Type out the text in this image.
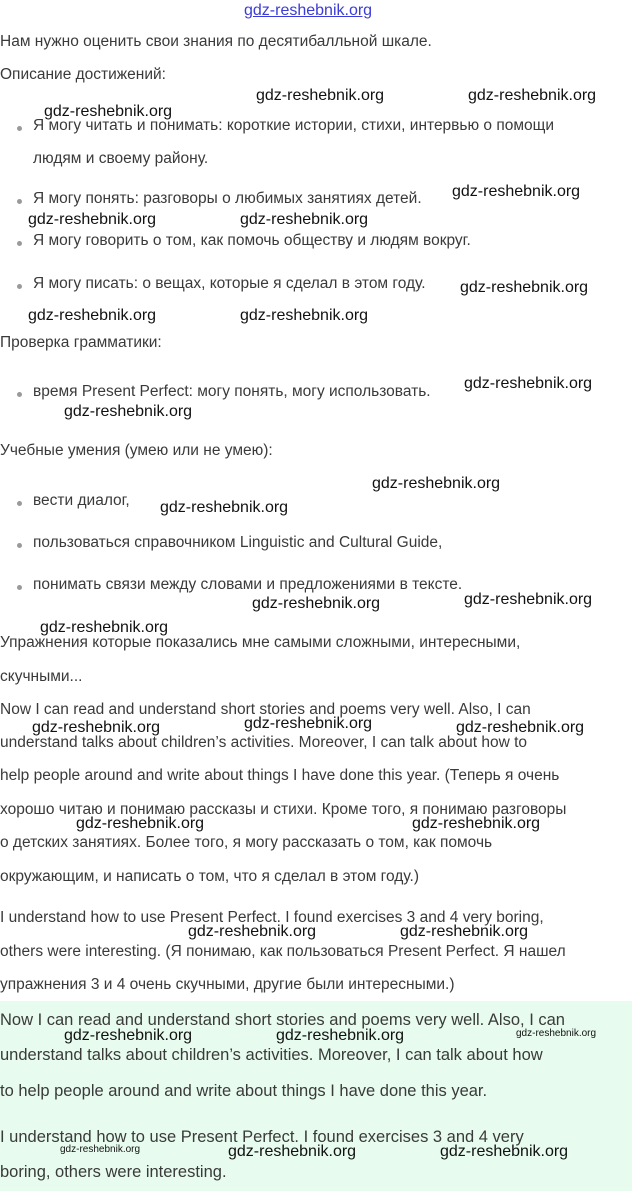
gdz-reshebnik.org
Нам нужно оценить свои знания по десятибалльной шкале.
Описание достижений:
Я могу читать и понимать: короткие истории, стихи, интервью о помощи
людям и своему району.
Я могу понять: разговоры о любимых занятиях детей.
Я могу говорить о том, как помочь обществу и людям вокруг.
Я могу писать: о вещах, которые я сделал в этом году.
Проверка грамматики:
время Present Perfect: могу понять, могу использовать.
Учебные умения (умею или не умею):
вести диалог,
пользоваться справочником Linguistic and Cultural Guide,
понимать связи между словами и предложениями в тексте.
Упражнения которые показались мне самыми сложными, интересными,
скучными...
Now I can read and understand short stories and poems very well. Also, I can
understand talks about children’s activities. Moreover, I can talk about how to
help people around and write about things I have done this year. (Теперь я очень
хорошо читаю и понимаю рассказы и стихи. Кроме того, я понимаю разговоры
о детских занятиях. Более того, я могу рассказать о том, как помочь
окружающим, и написать о том, что я сделал в этом году.)
I understand how to use Present Perfect. I found exercises 3 and 4 very boring,
others were interesting. (Я понимаю, как пользоваться Present Perfect. Я нашел
упражнения 3 и 4 очень скучными, другие были интересными.)
Now I can read and understand short stories and poems very well. Also, I can
understand talks about children’s activities. Moreover, I can talk about how
to help people around and write about things I have done this year.
I understand how to use Present Perfect. I found exercises 3 and 4 very
boring, others were interesting.
gdz-reshebnik.org	gdz-reshebnik.org
gdz-reshebnik.org
gdz-reshebnik.org
gdz-reshebnik.org	gdz-reshebnik.org
gdz-reshebnik.org
gdz-reshebnik.org	gdz-reshebnik.org
gdz-reshebnik.org
gdz-reshebnik.org
gdz-reshebnik.org
gdz-reshebnik.org
gdz-reshebnik.org
gdz-reshebnik.org
gdz-reshebnik.org
gdz-reshebnik.org
gdz-reshebnik.org	gdz-reshebnik.org
gdz-reshebnik.org	gdz-reshebnik.org
gdz-reshebnik.org	gdz-reshebnik.org
gdz-reshebnik.org	gdz-reshebnik.org	gdz-reshebnik.org
gdz-reshebnik.org	gdz-reshebnik.org	gdz-reshebnik.org
